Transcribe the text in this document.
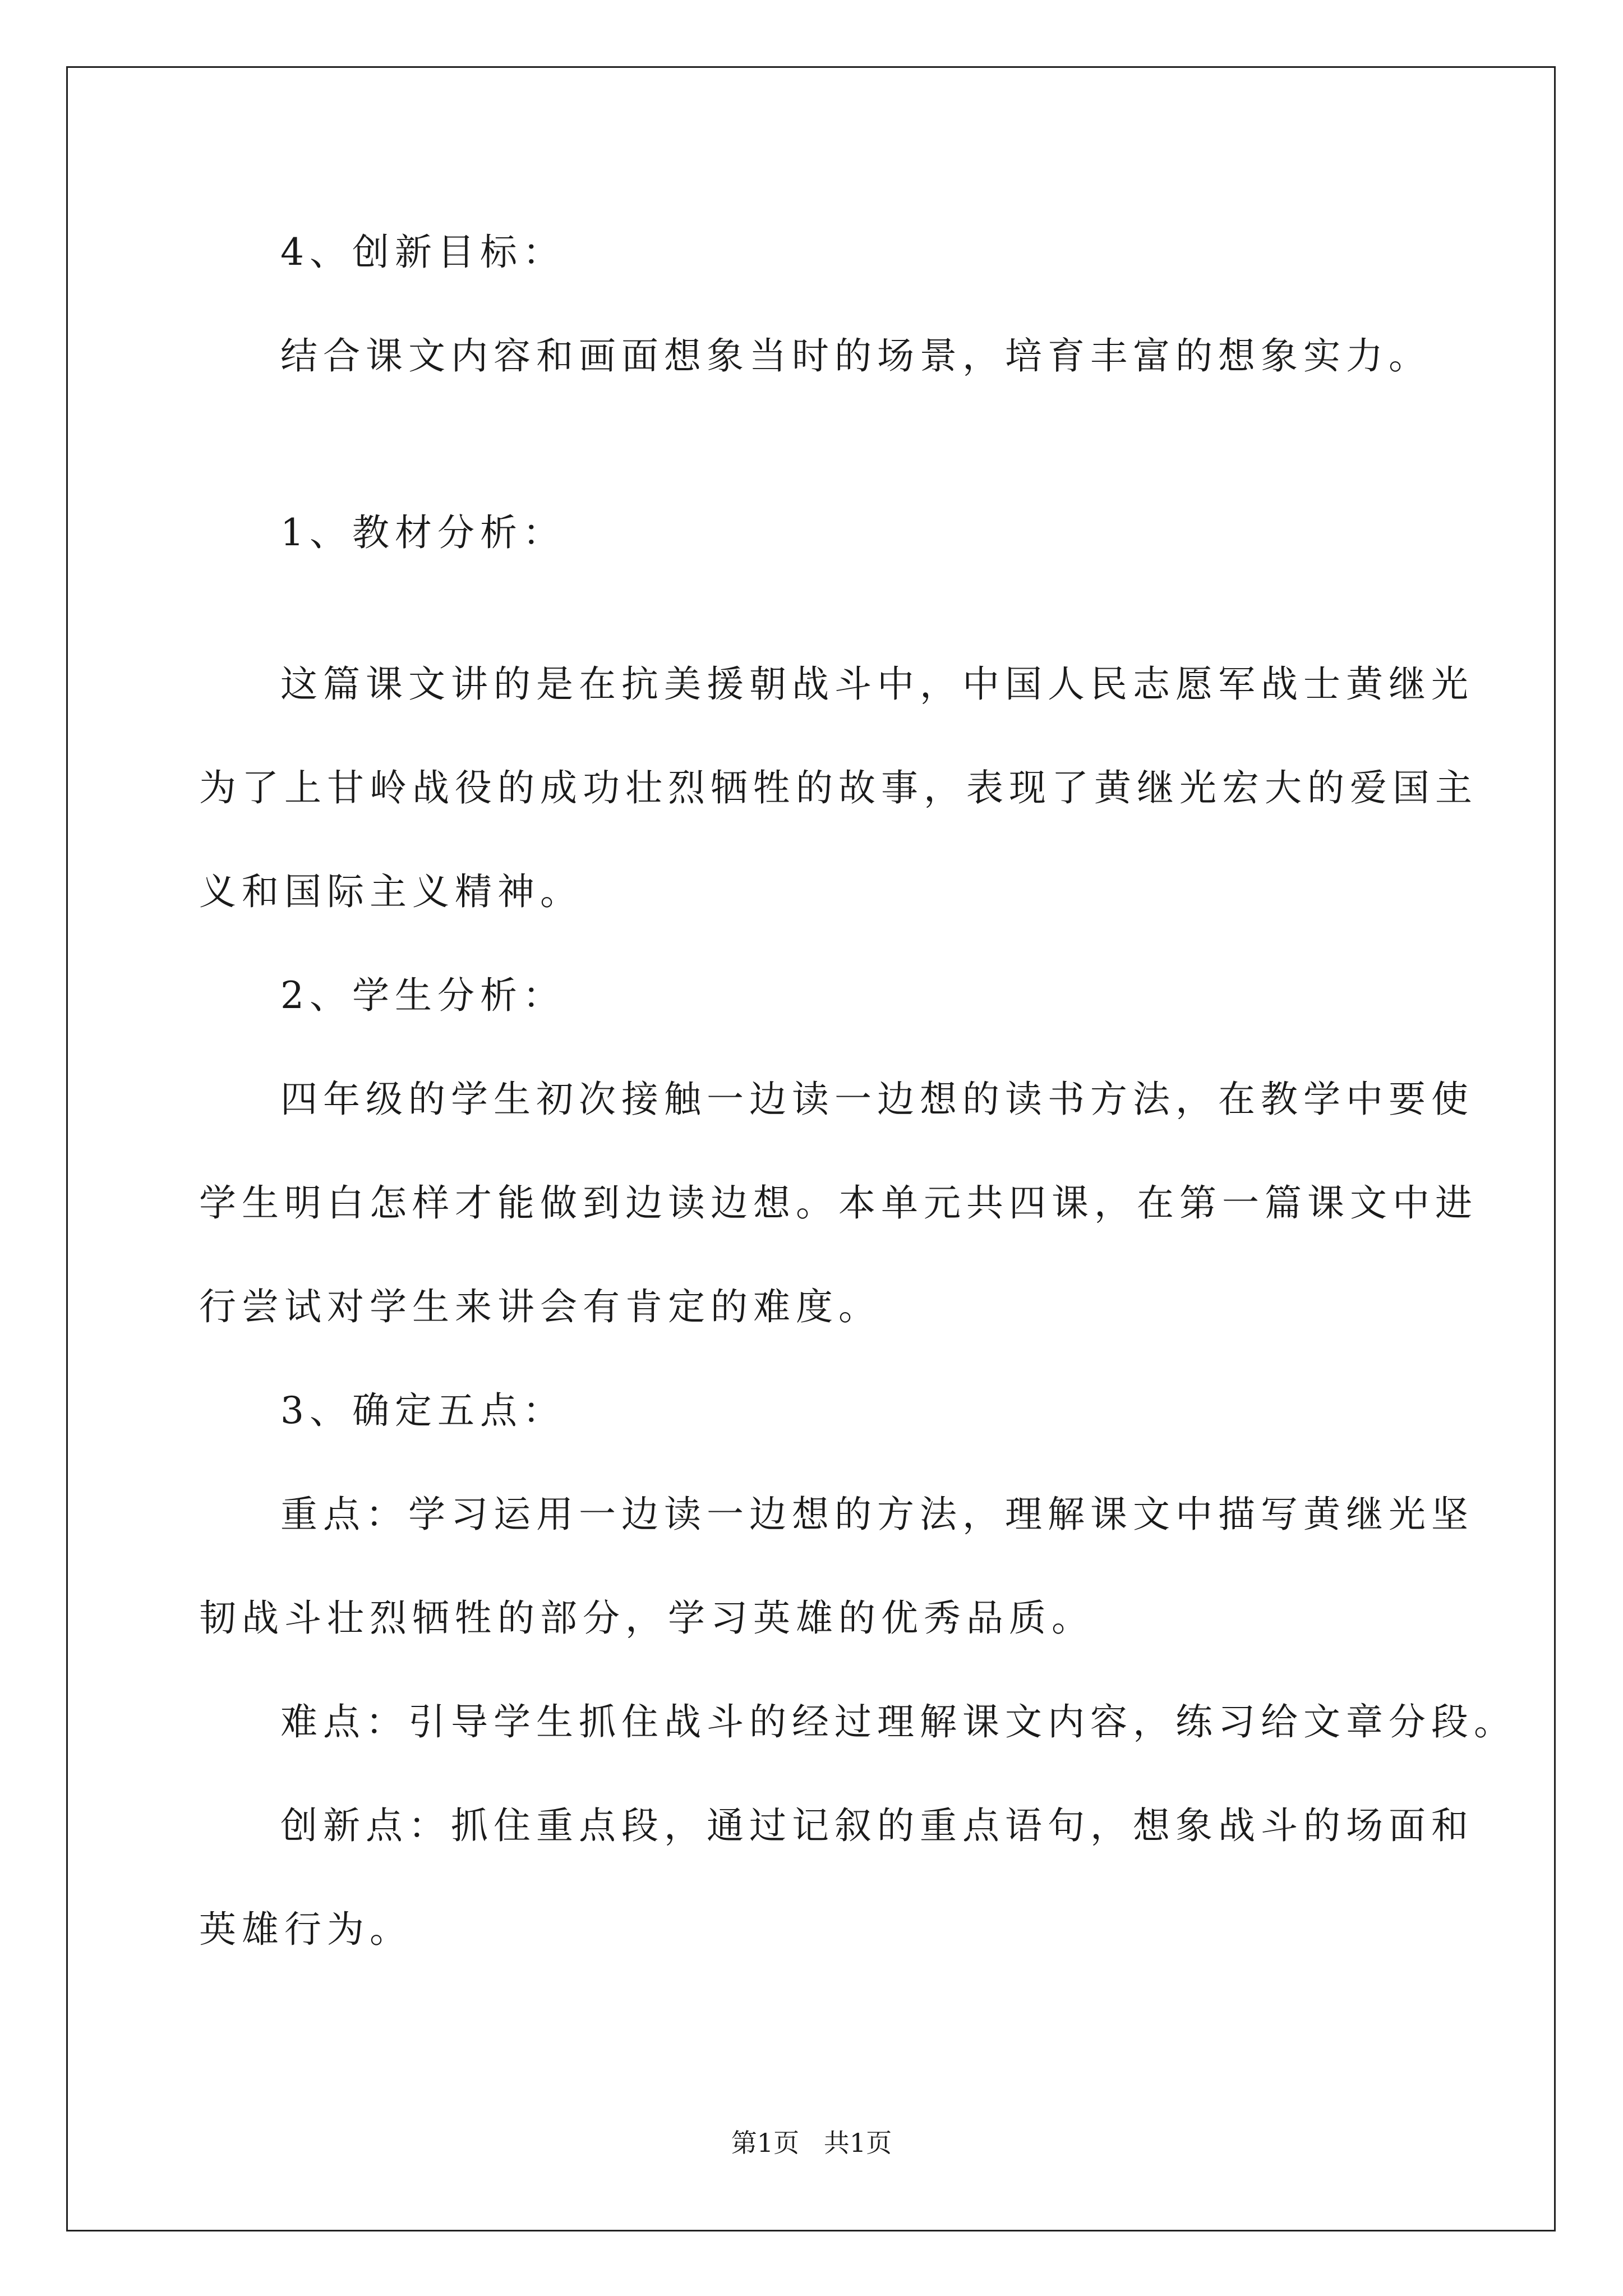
4、创新目标：
结合课文内容和画面想象当时的场景，培育丰富的想象实力。
1、教材分析：
这篇课文讲的是在抗美援朝战斗中，中国人民志愿军战士黄继光
为了上甘岭战役的成功壮烈牺牲的故事，表现了黄继光宏大的爱国主
义和国际主义精神。
2、学生分析：
四年级的学生初次接触一边读一边想的读书方法，在教学中要使
学生明白怎样才能做到边读边想。本单元共四课，在第一篇课文中进
行尝试对学生来讲会有肯定的难度。
3、确定五点：
重点：学习运用一边读一边想的方法，理解课文中描写黄继光坚
韧战斗壮烈牺牲的部分，学习英雄的优秀品质。
难点：引导学生抓住战斗的经过理解课文内容，练习给文章分段。
创新点：抓住重点段，通过记叙的重点语句，想象战斗的场面和
英雄行为。
第1页   共1页
